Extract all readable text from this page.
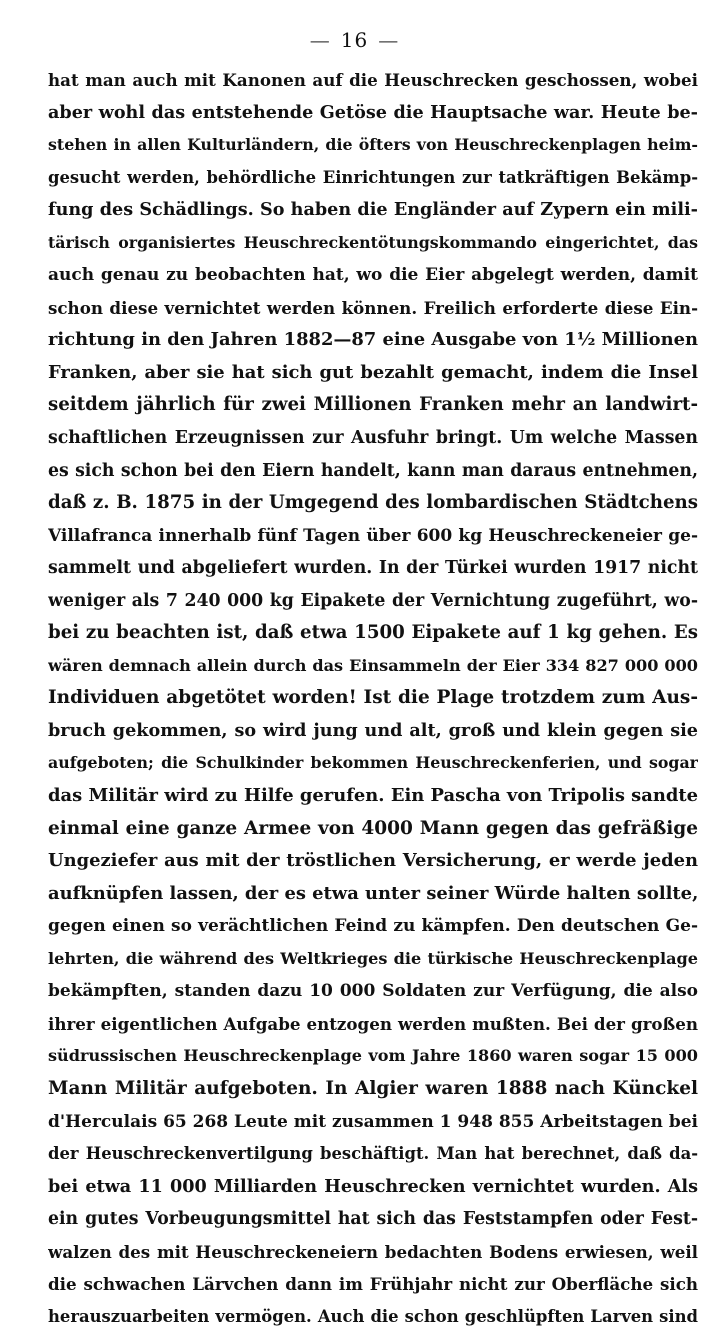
— 16 —
hat man auch mit Kanonen auf die Heuschrecken geschossen, wobei
aber wohl das entstehende Getöse die Hauptsache war. Heute be-
stehen in allen Kulturländern, die öfters von Heuschreckenplagen heim-
gesucht werden, behördliche Einrichtungen zur tatkräftigen Bekämp-
fung des Schädlings. So haben die Engländer auf Zypern ein mili-
tärisch organisiertes Heuschreckentötungskommando eingerichtet, das
auch genau zu beobachten hat, wo die Eier abgelegt werden, damit
schon diese vernichtet werden können. Freilich erforderte diese Ein-
richtung in den Jahren 1882—87 eine Ausgabe von 1½ Millionen
Franken, aber sie hat sich gut bezahlt gemacht, indem die Insel
seitdem jährlich für zwei Millionen Franken mehr an landwirt-
schaftlichen Erzeugnissen zur Ausfuhr bringt. Um welche Massen
es sich schon bei den Eiern handelt, kann man daraus entnehmen,
daß z. B. 1875 in der Umgegend des lombardischen Städtchens
Villafranca innerhalb fünf Tagen über 600 kg Heuschreckeneier ge-
sammelt und abgeliefert wurden. In der Türkei wurden 1917 nicht
weniger als 7 240 000 kg Eipakete der Vernichtung zugeführt, wo-
bei zu beachten ist, daß etwa 1500 Eipakete auf 1 kg gehen. Es
wären demnach allein durch das Einsammeln der Eier 334 827 000 000
Individuen abgetötet worden! Ist die Plage trotzdem zum Aus-
bruch gekommen, so wird jung und alt, groß und klein gegen sie
aufgeboten; die Schulkinder bekommen Heuschreckenferien, und sogar
das Militär wird zu Hilfe gerufen. Ein Pascha von Tripolis sandte
einmal eine ganze Armee von 4000 Mann gegen das gefräßige
Ungeziefer aus mit der tröstlichen Versicherung, er werde jeden
aufknüpfen lassen, der es etwa unter seiner Würde halten sollte,
gegen einen so verächtlichen Feind zu kämpfen. Den deutschen Ge-
lehrten, die während des Weltkrieges die türkische Heuschreckenplage
bekämpften, standen dazu 10 000 Soldaten zur Verfügung, die also
ihrer eigentlichen Aufgabe entzogen werden mußten. Bei der großen
südrussischen Heuschreckenplage vom Jahre 1860 waren sogar 15 000
Mann Militär aufgeboten. In Algier waren 1888 nach Künckel
d'Herculais 65 268 Leute mit zusammen 1 948 855 Arbeitstagen bei
der Heuschreckenvertilgung beschäftigt. Man hat berechnet, daß da-
bei etwa 11 000 Milliarden Heuschrecken vernichtet wurden. Als
ein gutes Vorbeugungsmittel hat sich das Feststampfen oder Fest-
walzen des mit Heuschreckeneiern bedachten Bodens erwiesen, weil
die schwachen Lärvchen dann im Frühjahr nicht zur Oberfläche sich
herauszuarbeiten vermögen. Auch die schon geschlüpften Larven sind
